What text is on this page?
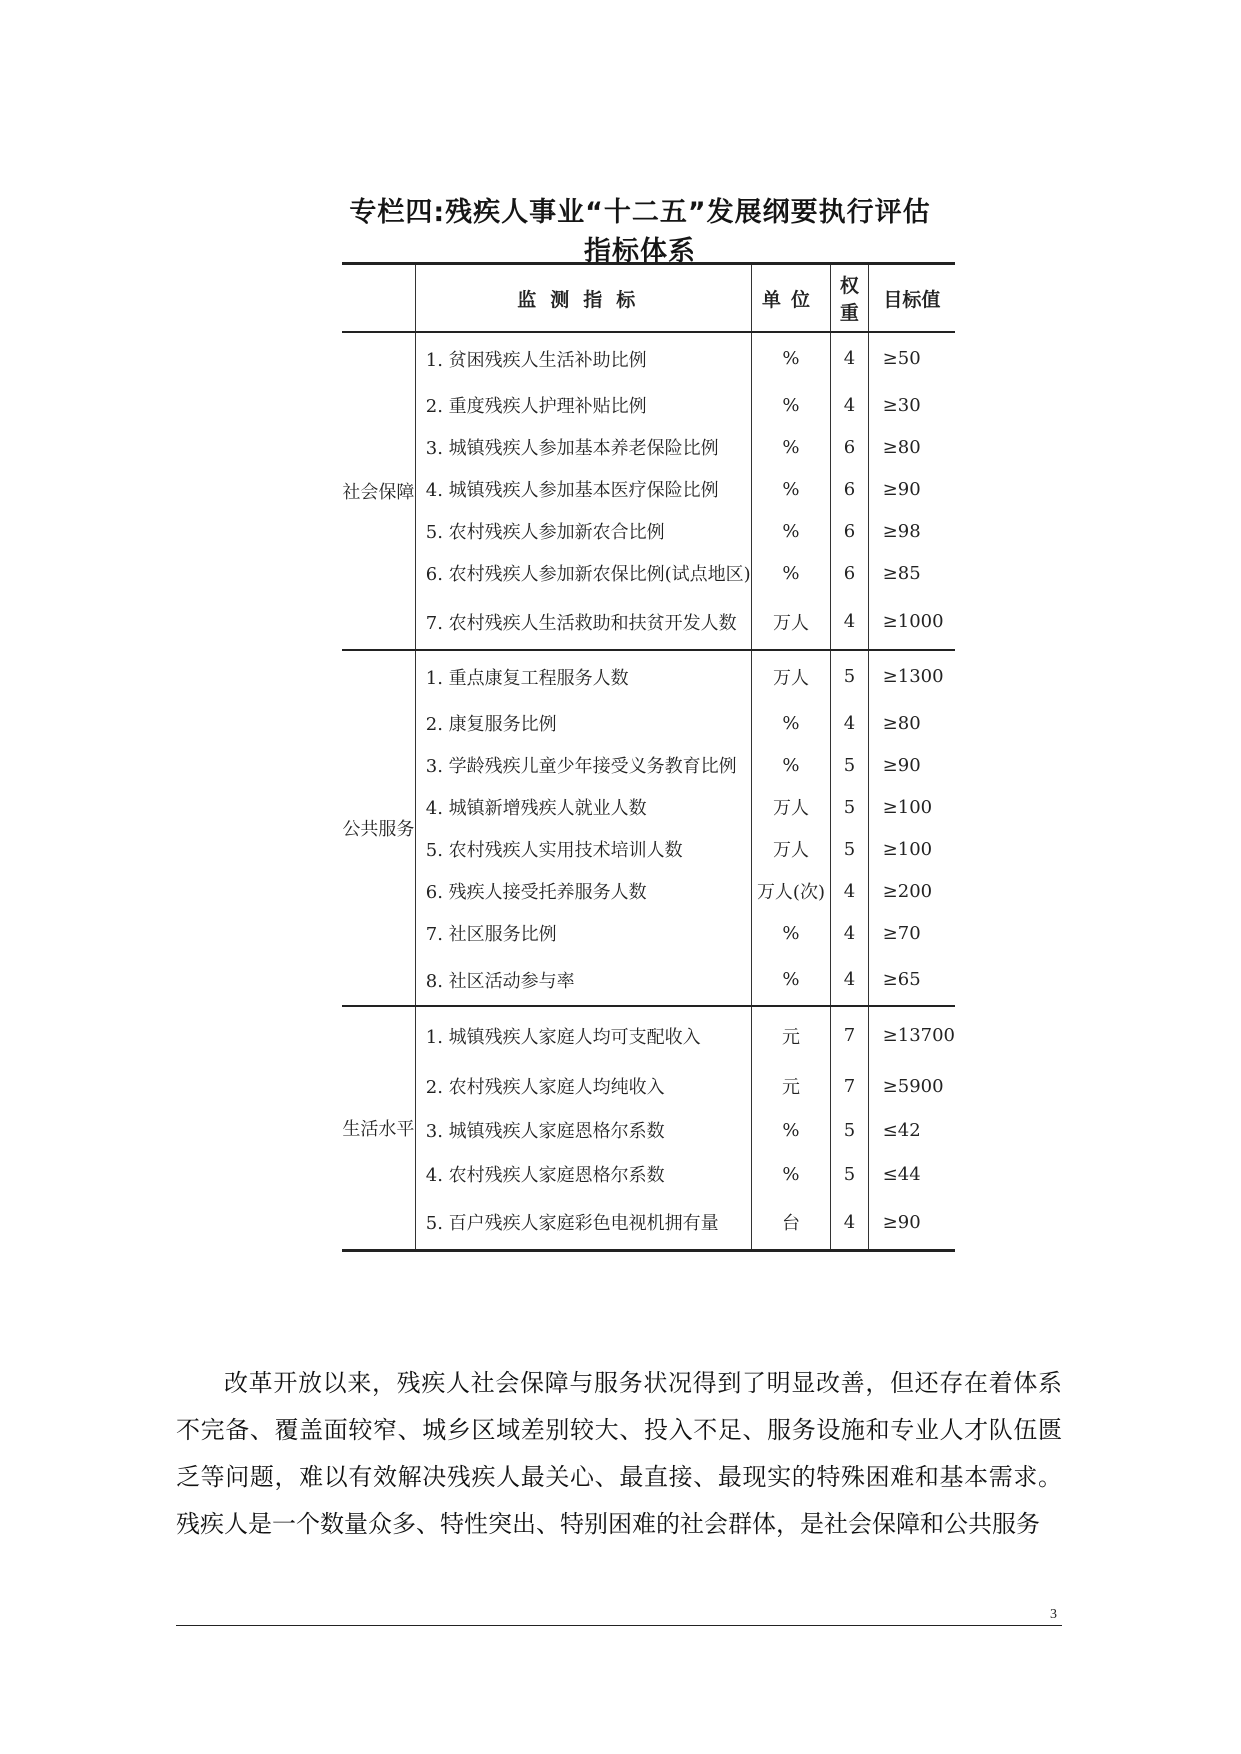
专栏四:残疾人事业“十二五”发展纲要执行评估指标体系
	监测指标	单位	权重	目标值
社会保障	1. 贫困残疾人生活补助比例	%	4	≥50
	2. 重度残疾人护理补贴比例	%	4	≥30
	3. 城镇残疾人参加基本养老保险比例	%	6	≥80
	4. 城镇残疾人参加基本医疗保险比例	%	6	≥90
	5. 农村残疾人参加新农合比例	%	6	≥98
	6. 农村残疾人参加新农保比例(试点地区)	%	6	≥85
	7. 农村残疾人生活救助和扶贫开发人数	万人	4	≥1000
公共服务	1. 重点康复工程服务人数	万人	5	≥1300
	2. 康复服务比例	%	4	≥80
	3. 学龄残疾儿童少年接受义务教育比例	%	5	≥90
	4. 城镇新增残疾人就业人数	万人	5	≥100
	5. 农村残疾人实用技术培训人数	万人	5	≥100
	6. 残疾人接受托养服务人数	万人(次)	4	≥200
	7. 社区服务比例	%	4	≥70
	8. 社区活动参与率	%	4	≥65
生活水平	1. 城镇残疾人家庭人均可支配收入	元	7	≥13700
	2. 农村残疾人家庭人均纯收入	元	7	≥5900
	3. 城镇残疾人家庭恩格尔系数	%	5	≤42
	4. 农村残疾人家庭恩格尔系数	%	5	≤44
	5. 百户残疾人家庭彩色电视机拥有量	台	4	≥90

改革开放以来，残疾人社会保障与服务状况得到了明显改善，但还存在着体系不完备、覆盖面较窄、城乡区域差别较大、投入不足、服务设施和专业人才队伍匮乏等问题，难以有效解决残疾人最关心、最直接、最现实的特殊困难和基本需求。残疾人是一个数量众多、特性突出、特别困难的社会群体，是社会保障和公共服务

3
